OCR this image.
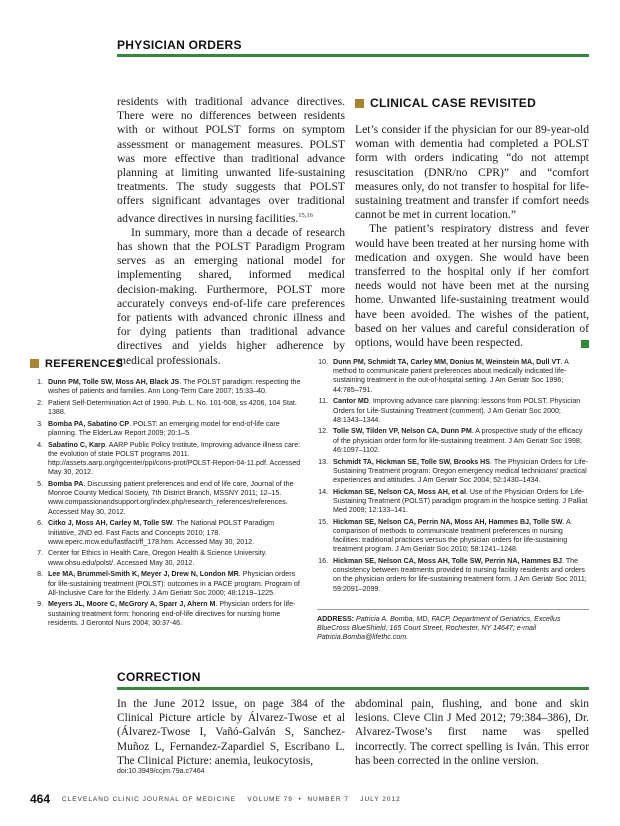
PHYSICIAN ORDERS

residents with traditional advance directives. There were no differences between residents with or without POLST forms on symptom assessment or management measures. POLST was more effective than traditional advance planning at limiting unwanted life-sustaining treatments. The study suggests that POLST offers significant advantages over traditional advance directives in nursing facilities.$^{15,16}$

In summary, more than a decade of research has shown that the POLST Paradigm Program serves as an emerging national model for implementing shared, informed medical decision-making. Furthermore, POLST more accurately conveys end-of-life care preferences for patients with advanced chronic illness and for dying patients than traditional advance directives and yields higher adherence by medical professionals.

CLINICAL CASE REVISITED

Let’s consider if the physician for our 89-year-old woman with dementia had completed a POLST form with orders indicating “do not attempt resuscitation (DNR/no CPR)” and “comfort measures only, do not transfer to hospital for life-sustaining treatment and transfer if comfort needs cannot be met in current location.”

The patient’s respiratory distress and fever would have been treated at her nursing home with medication and oxygen. She would have been transferred to the hospital only if her comfort needs would not have been met at the nursing home. Unwanted life-sustaining treatment would have been avoided. The wishes of the patient, based on her values and careful consideration of options, would have been respected.

REFERENCES
1. Dunn PM, Tolle SW, Moss AH, Black JS. The POLST paradigm: respecting the wishes of patients and families. Ann Long-Term Care 2007; 15:33–40.
2. Patient Self-Determination Act of 1990. Pub. L. No. 101-508, ss 4206, 104 Stat. 1388.
3. Bomba PA, Sabatino CP. POLST: an emerging model for end-of-life care planning. The ElderLaw Report 2009; 20:1–5.
4. Sabatino C, Karp. AARP Public Policy Institute, Improving advance illness care: the evolution of state POLST programs 2011. http://assets.aarp.org/rgcenter/ppi/cons-prot/POLST-Report-04-11.pdf. Accessed May 30, 2012.
5. Bomba PA. Discussing patient preferences and end of life care, Journal of the Monroe County Medical Society, 7th District Branch, MSSNY 2011; 12–15. www.compassionandsupport.org/index.php/research_references/references. Accessed May 30, 2012.
6. Citko J, Moss AH, Carley M, Tolle SW. The National POLST Paradigm Initiative, 2ND ed. Fast Facts and Concepts 2010; 178. www.eperc.mcw.edu/fastfact/ff_178.htm. Accessed May 30, 2012.
7. Center for Ethics in Health Care, Oregon Health & Science University. www.ohsu.edu/polst/. Accessed May 30, 2012.
8. Lee MA, Brummel-Smith K, Meyer J, Drew N, London MR. Physician orders for life-sustaining treatment (POLST): outcomes in a PACE program. Program of All-Inclusive Care for the Elderly. J Am Geriatr Soc 2000; 48:1219–1225.
9. Meyers JL, Moore C, McGrory A, Sparr J, Ahern M. Physician orders for life-sustaining treatment form: honoring end-of-life directives for nursing home residents. J Gerontol Nurs 2004; 30:37-46.
10. Dunn PM, Schmidt TA, Carley MM, Donius M, Weinstein MA, Dull VT. A method to communicate patient preferences about medically indicated life-sustaining treatment in the out-of-hospital setting. J Am Geriatr Soc 1996; 44:785–791.
11. Cantor MD. Improving advance care planning: lessons from POLST. Physician Orders for Life-Sustaining Treatment (comment). J Am Geriatr Soc 2000; 48:1343–1344.
12. Tolle SW, Tilden VP, Nelson CA, Dunn PM. A prospective study of the efficacy of the physician order form for life-sustaining treatment. J Am Geriatr Soc 1998; 46:1097–1102.
13. Schmidt TA, Hickman SE, Tolle SW, Brooks HS. The Physician Orders for Life-Sustaining Treatment program: Oregon emergency medical technicians’ practical experiences and attitudes. J Am Geriatr Soc 2004; 52:1430–1434.
14. Hickman SE, Nelson CA, Moss AH, et al. Use of the Physician Orders for Life-Sustaining Treatment (POLST) paradigm program in the hospice setting. J Palliat Med 2009; 12:133–141.
15. Hickman SE, Nelson CA, Perrin NA, Moss AH, Hammes BJ, Tolle SW. A comparison of methods to communicate treatment preferences in nursing facilities: traditional practices versus the physician orders for life-sustaining treatment program. J Am Geriatr Soc 2010; 58:1241–1248.
16. Hickman SE, Nelson CA, Moss AH, Tolle SW, Perrin NA, Hammes BJ. The consistency between treatments provided to nursing facility residents and orders on the physician orders for life-sustaining treatment form. J Am Geriatr Soc 2011; 59:2091–2099.
ADDRESS: Patricia A. Bomba, MD, FACP, Department of Geriatrics, Excellus BlueCross BlueShield, 165 Court Street, Rochester, NY 14647; e-mail Patricia.Bomba@lifethc.com.
CORRECTION
In the June 2012 issue, on page 384 of the Clinical Picture article by Álvarez-Twose et al (Álvarez-Twose I, Vañó-Galván S, Sanchez-Muñoz L, Fernandez-Zapardiel S, Escribano L. The Clinical Picture: anemia, leukocytosis,
doi:10.3949/ccjm.79a.c7464
abdominal pain, flushing, and bone and skin lesions. Cleve Clin J Med 2012; 79:384–386), Dr. Alvarez-Twose’s first name was spelled incorrectly. The correct spelling is Iván. This error has been corrected in the online version.
464 CLEVELAND CLINIC JOURNAL OF MEDICINE VOLUME 79 • NUMBER 7 JULY 2012
